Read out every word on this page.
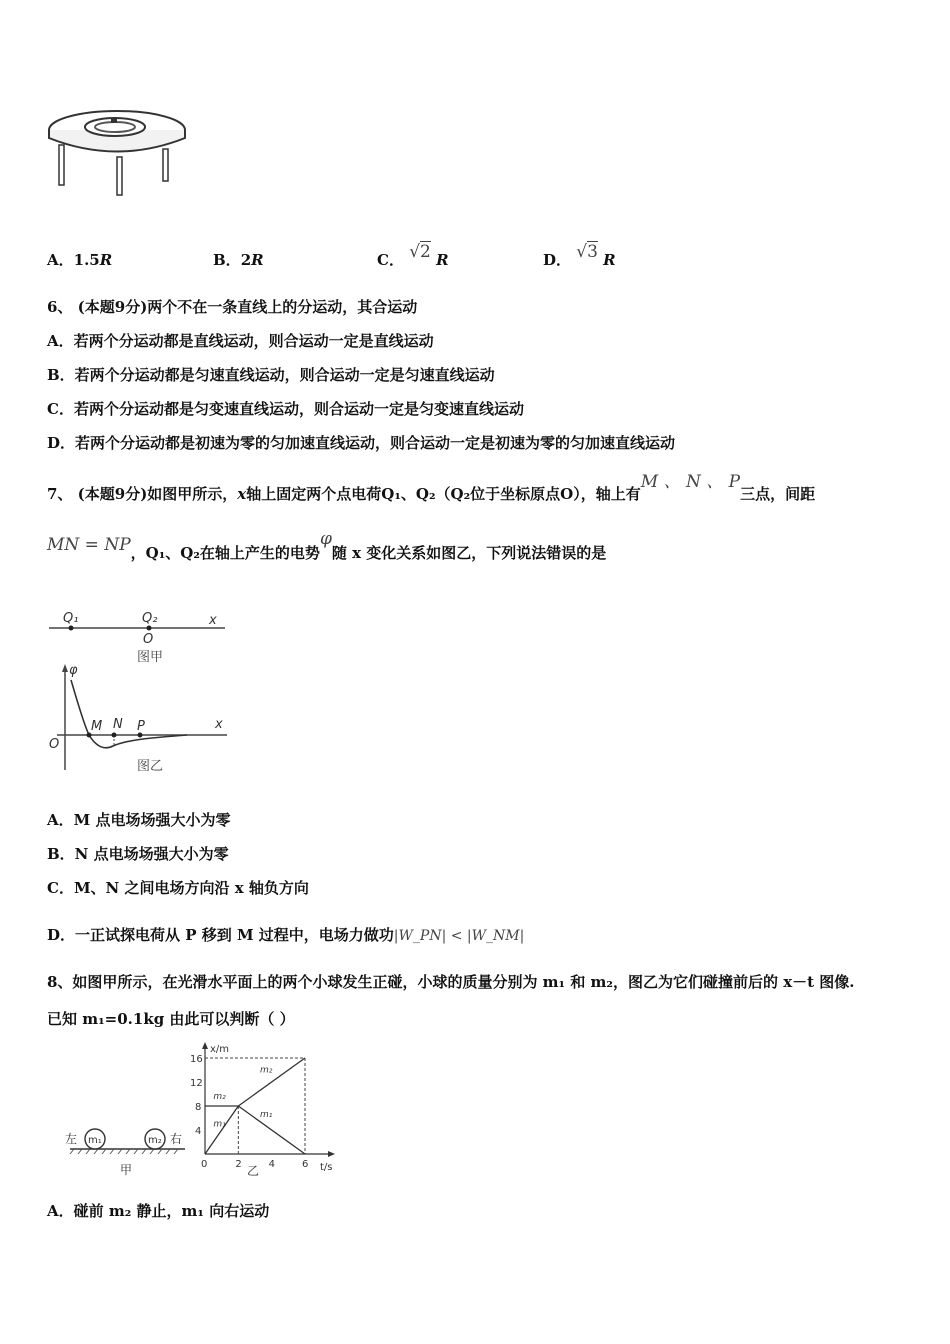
A．1.5R	B．2R	C． √2 R	D． √3 R
6、 (本题9分)两个不在一条直线上的分运动，其合运动
A．若两个分运动都是直线运动，则合运动一定是直线运动
B．若两个分运动都是匀速直线运动，则合运动一定是匀速直线运动
C．若两个分运动都是匀变速直线运动，则合运动一定是匀变速直线运动
D．若两个分运动都是初速为零的匀加速直线运动，则合运动一定是初速为零的匀加速直线运动
7、 (本题9分)如图甲所示，x轴上固定两个点电荷Q₁、Q₂（Q₂位于坐标原点O），轴上有M 、 N 、 P三点，间距
MN = NP，Q₁、Q₂在轴上产生的电势φ随 x 变化关系如图乙，下列说法错误的是
Q₁	Q₂
O
x
图甲
φ
O
x
M N P
图乙
A．M 点电场场强大小为零
B．N 点电场场强大小为零
C．M、N 之间电场方向沿 x 轴负方向
D．一正试探电荷从 P 移到 M 过程中，电场力做功|W_PN| < |W_NM|
8、如图甲所示，在光滑水平面上的两个小球发生正碰，小球的质量分别为 m₁ 和 m₂，图乙为它们碰撞前后的 x－t 图像.
已知 m₁=0.1kg 由此可以判断（ ）
m₁	m₂
左	右
甲
x/m
t/s
乙
0	2	4	6
4
8
12
16
m₁
m₂
m₁
m₂
A．碰前 m₂ 静止，m₁ 向右运动
